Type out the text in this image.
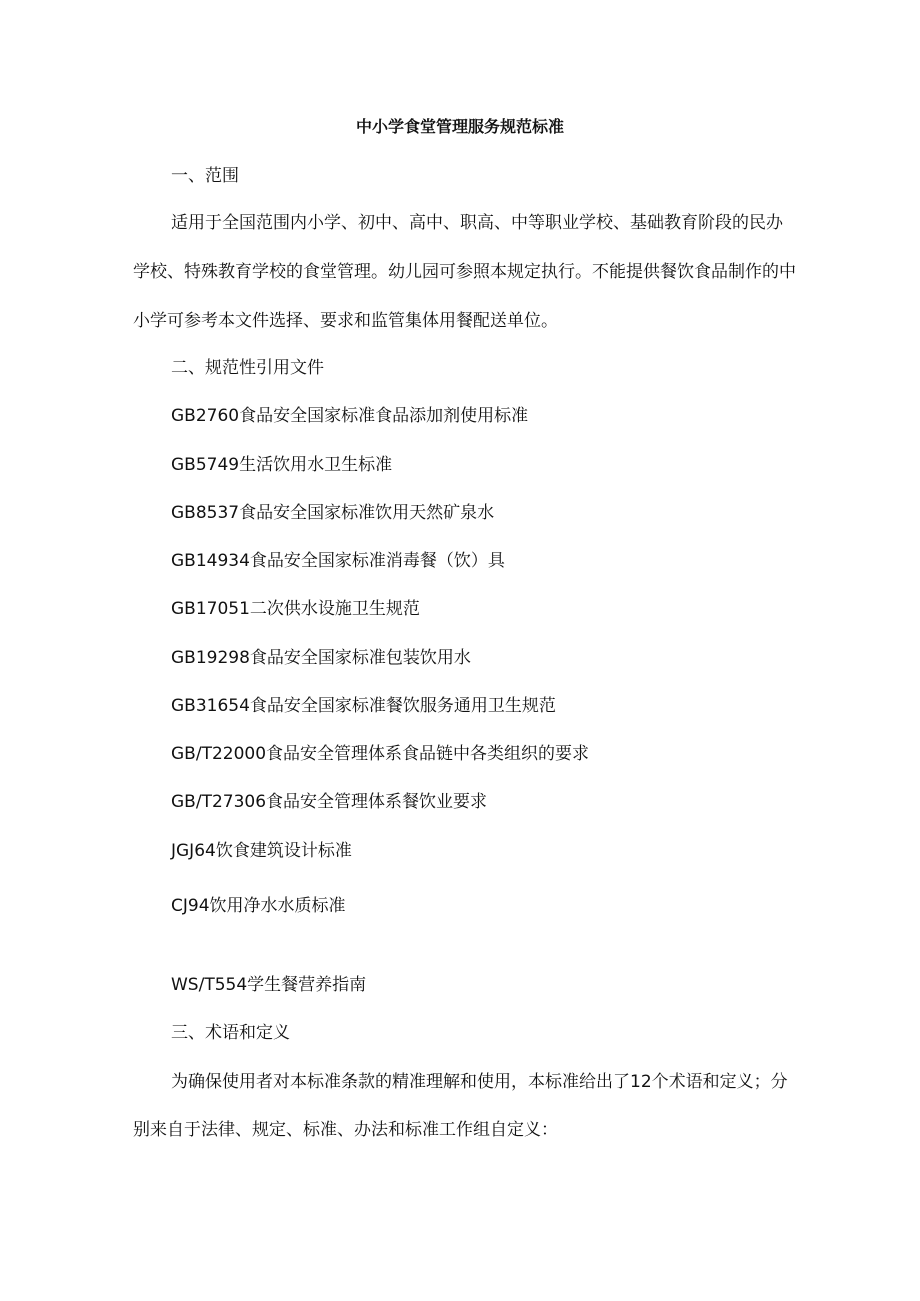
中小学食堂管理服务规范标准
一、范围
适用于全国范围内小学、初中、高中、职高、中等职业学校、基础教育阶段的民办
学校、特殊教育学校的食堂管理。幼儿园可参照本规定执行。不能提供餐饮食品制作的中
小学可参考本文件选择、要求和监管集体用餐配送单位。
二、规范性引用文件
GB2760食品安全国家标准食品添加剂使用标准
GB5749生活饮用水卫生标准
GB8537食品安全国家标准饮用天然矿泉水
GB14934食品安全国家标准消毒餐（饮）具
GB17051二次供水设施卫生规范
GB19298食品安全国家标准包装饮用水
GB31654食品安全国家标准餐饮服务通用卫生规范
GB/T22000食品安全管理体系食品链中各类组织的要求
GB/T27306食品安全管理体系餐饮业要求
JGJ64饮食建筑设计标准
CJ94饮用净水水质标准
WS/T554学生餐营养指南
三、术语和定义
为确保使用者对本标准条款的精准理解和使用，本标准给出了12个术语和定义；分
别来自于法律、规定、标准、办法和标准工作组自定义：
